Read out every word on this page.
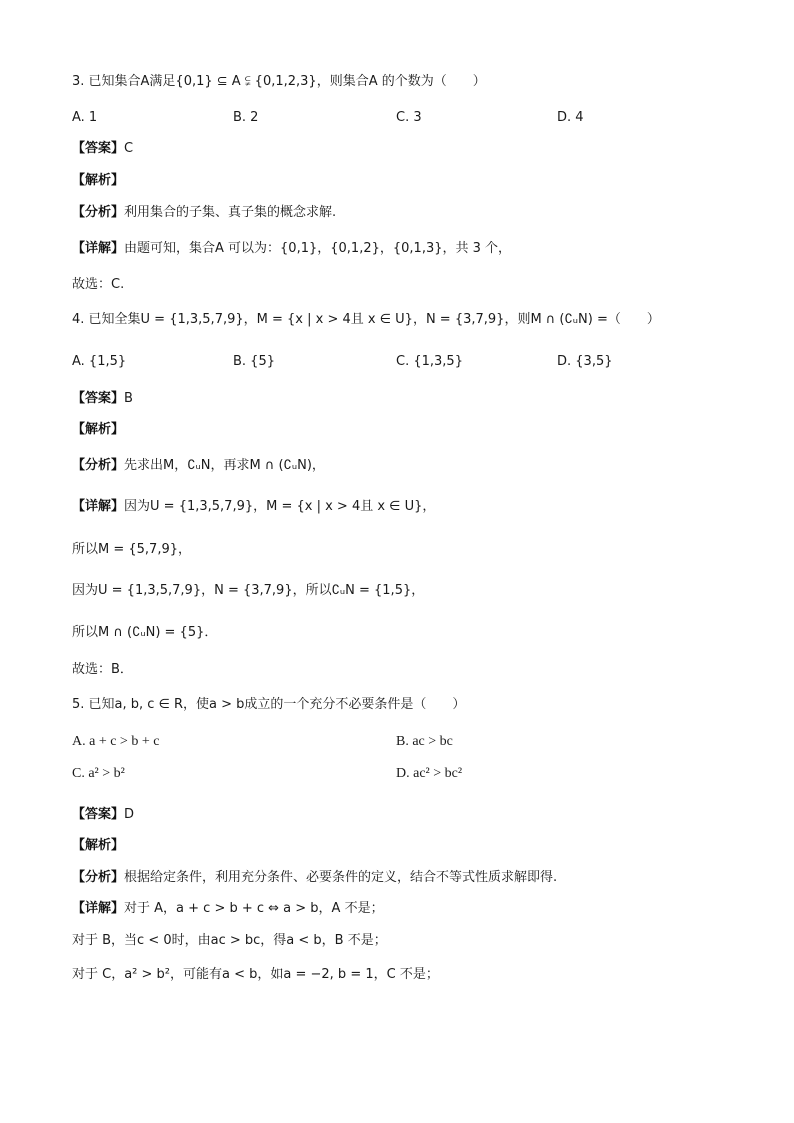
3. 已知集合A满足{0,1} ⊆ A ⫋ {0,1,2,3}，则集合A 的个数为（　　）
A. 1	B. 2	C. 3	D. 4
【答案】C
【解析】
【分析】利用集合的子集、真子集的概念求解.
【详解】由题可知，集合A 可以为：{0,1}，{0,1,2}，{0,1,3}，共 3 个，
故选：C.
4. 已知全集U = {1,3,5,7,9}，M = {x | x > 4且 x ∈ U}，N = {3,7,9}，则M ∩ (∁ᵤN) =（　　）
A. {1,5}	B. {5}	C. {1,3,5}	D. {3,5}
【答案】B
【解析】
【分析】先求出M，∁ᵤN，再求M ∩ (∁ᵤN)，
【详解】因为U = {1,3,5,7,9}，M = {x | x > 4且 x ∈ U}，
所以M = {5,7,9}，
因为U = {1,3,5,7,9}，N = {3,7,9}，所以∁ᵤN = {1,5}，
所以M ∩ (∁ᵤN) = {5}．
故选：B．
5. 已知a, b, c ∈ R，使a > b成立的一个充分不必要条件是（　　）
A. a + c > b + c	B. ac > bc
C. a² > b²	D. ac² > bc²
【答案】D
【解析】
【分析】根据给定条件，利用充分条件、必要条件的定义，结合不等式性质求解即得.
【详解】对于 A，a + c > b + c ⇔ a > b，A 不是；
对于 B，当c < 0时，由ac > bc，得a < b，B 不是；
对于 C，a² > b²，可能有a < b，如a = −2, b = 1，C 不是；
